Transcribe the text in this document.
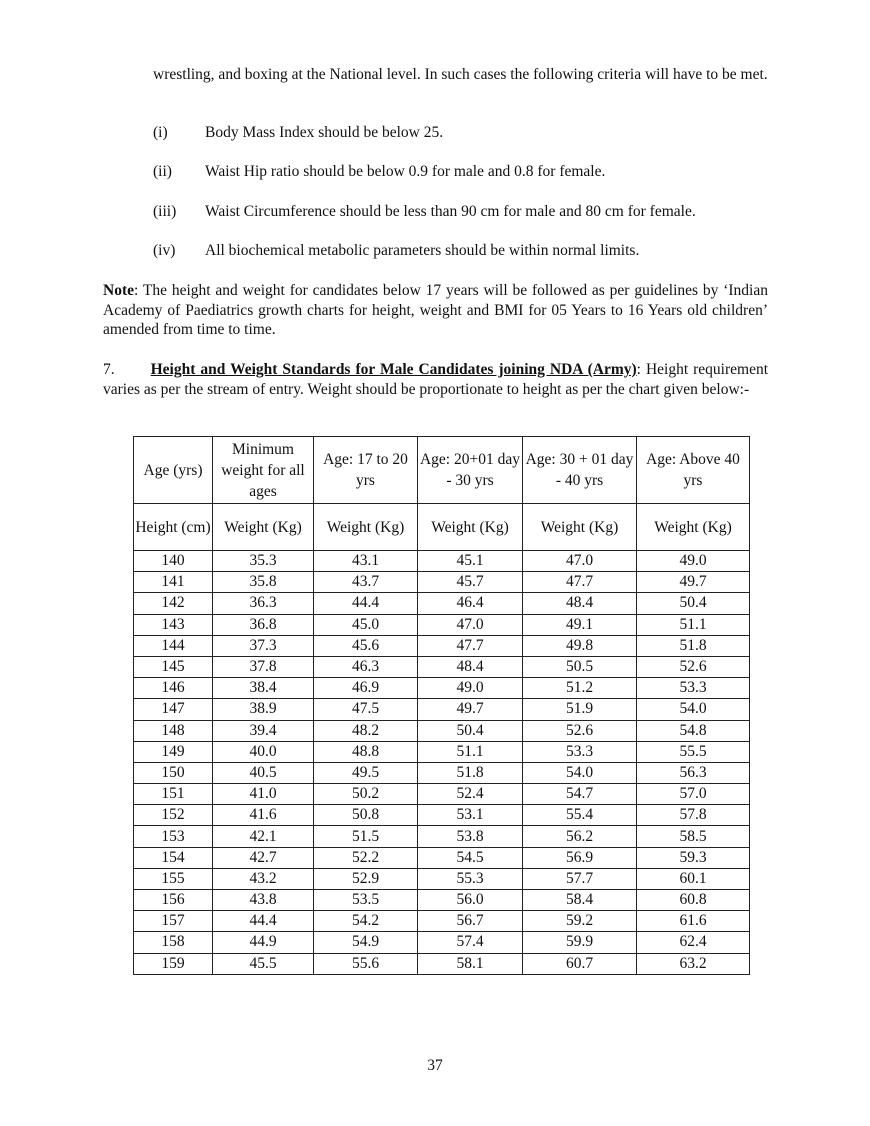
wrestling, and boxing at the National level. In such cases the following criteria will have to be met.
(i)	Body Mass Index should be below 25.
(ii)	Waist Hip ratio should be below 0.9 for male and 0.8 for female.
(iii)	Waist Circumference should be less than 90 cm for male and 80 cm for female.
(iv)	All biochemical metabolic parameters should be within normal limits.
Note: The height and weight for candidates below 17 years will be followed as per guidelines by ‘Indian Academy of Paediatrics growth charts for height, weight and BMI for 05 Years to 16 Years old children’ amended from time to time.
7. Height and Weight Standards for Male Candidates joining NDA (Army): Height requirement varies as per the stream of entry. Weight should be proportionate to height as per the chart given below:-
Age (yrs)	Minimum weight for all ages	Age: 17 to 20 yrs	Age: 20+01 day - 30 yrs	Age: 30 + 01 day - 40 yrs	Age: Above 40 yrs
Height (cm)	Weight (Kg)	Weight (Kg)	Weight (Kg)	Weight (Kg)	Weight (Kg)
140	35.3	43.1	45.1	47.0	49.0
141	35.8	43.7	45.7	47.7	49.7
142	36.3	44.4	46.4	48.4	50.4
143	36.8	45.0	47.0	49.1	51.1
144	37.3	45.6	47.7	49.8	51.8
145	37.8	46.3	48.4	50.5	52.6
146	38.4	46.9	49.0	51.2	53.3
147	38.9	47.5	49.7	51.9	54.0
148	39.4	48.2	50.4	52.6	54.8
149	40.0	48.8	51.1	53.3	55.5
150	40.5	49.5	51.8	54.0	56.3
151	41.0	50.2	52.4	54.7	57.0
152	41.6	50.8	53.1	55.4	57.8
153	42.1	51.5	53.8	56.2	58.5
154	42.7	52.2	54.5	56.9	59.3
155	43.2	52.9	55.3	57.7	60.1
156	43.8	53.5	56.0	58.4	60.8
157	44.4	54.2	56.7	59.2	61.6
158	44.9	54.9	57.4	59.9	62.4
159	45.5	55.6	58.1	60.7	63.2
37
